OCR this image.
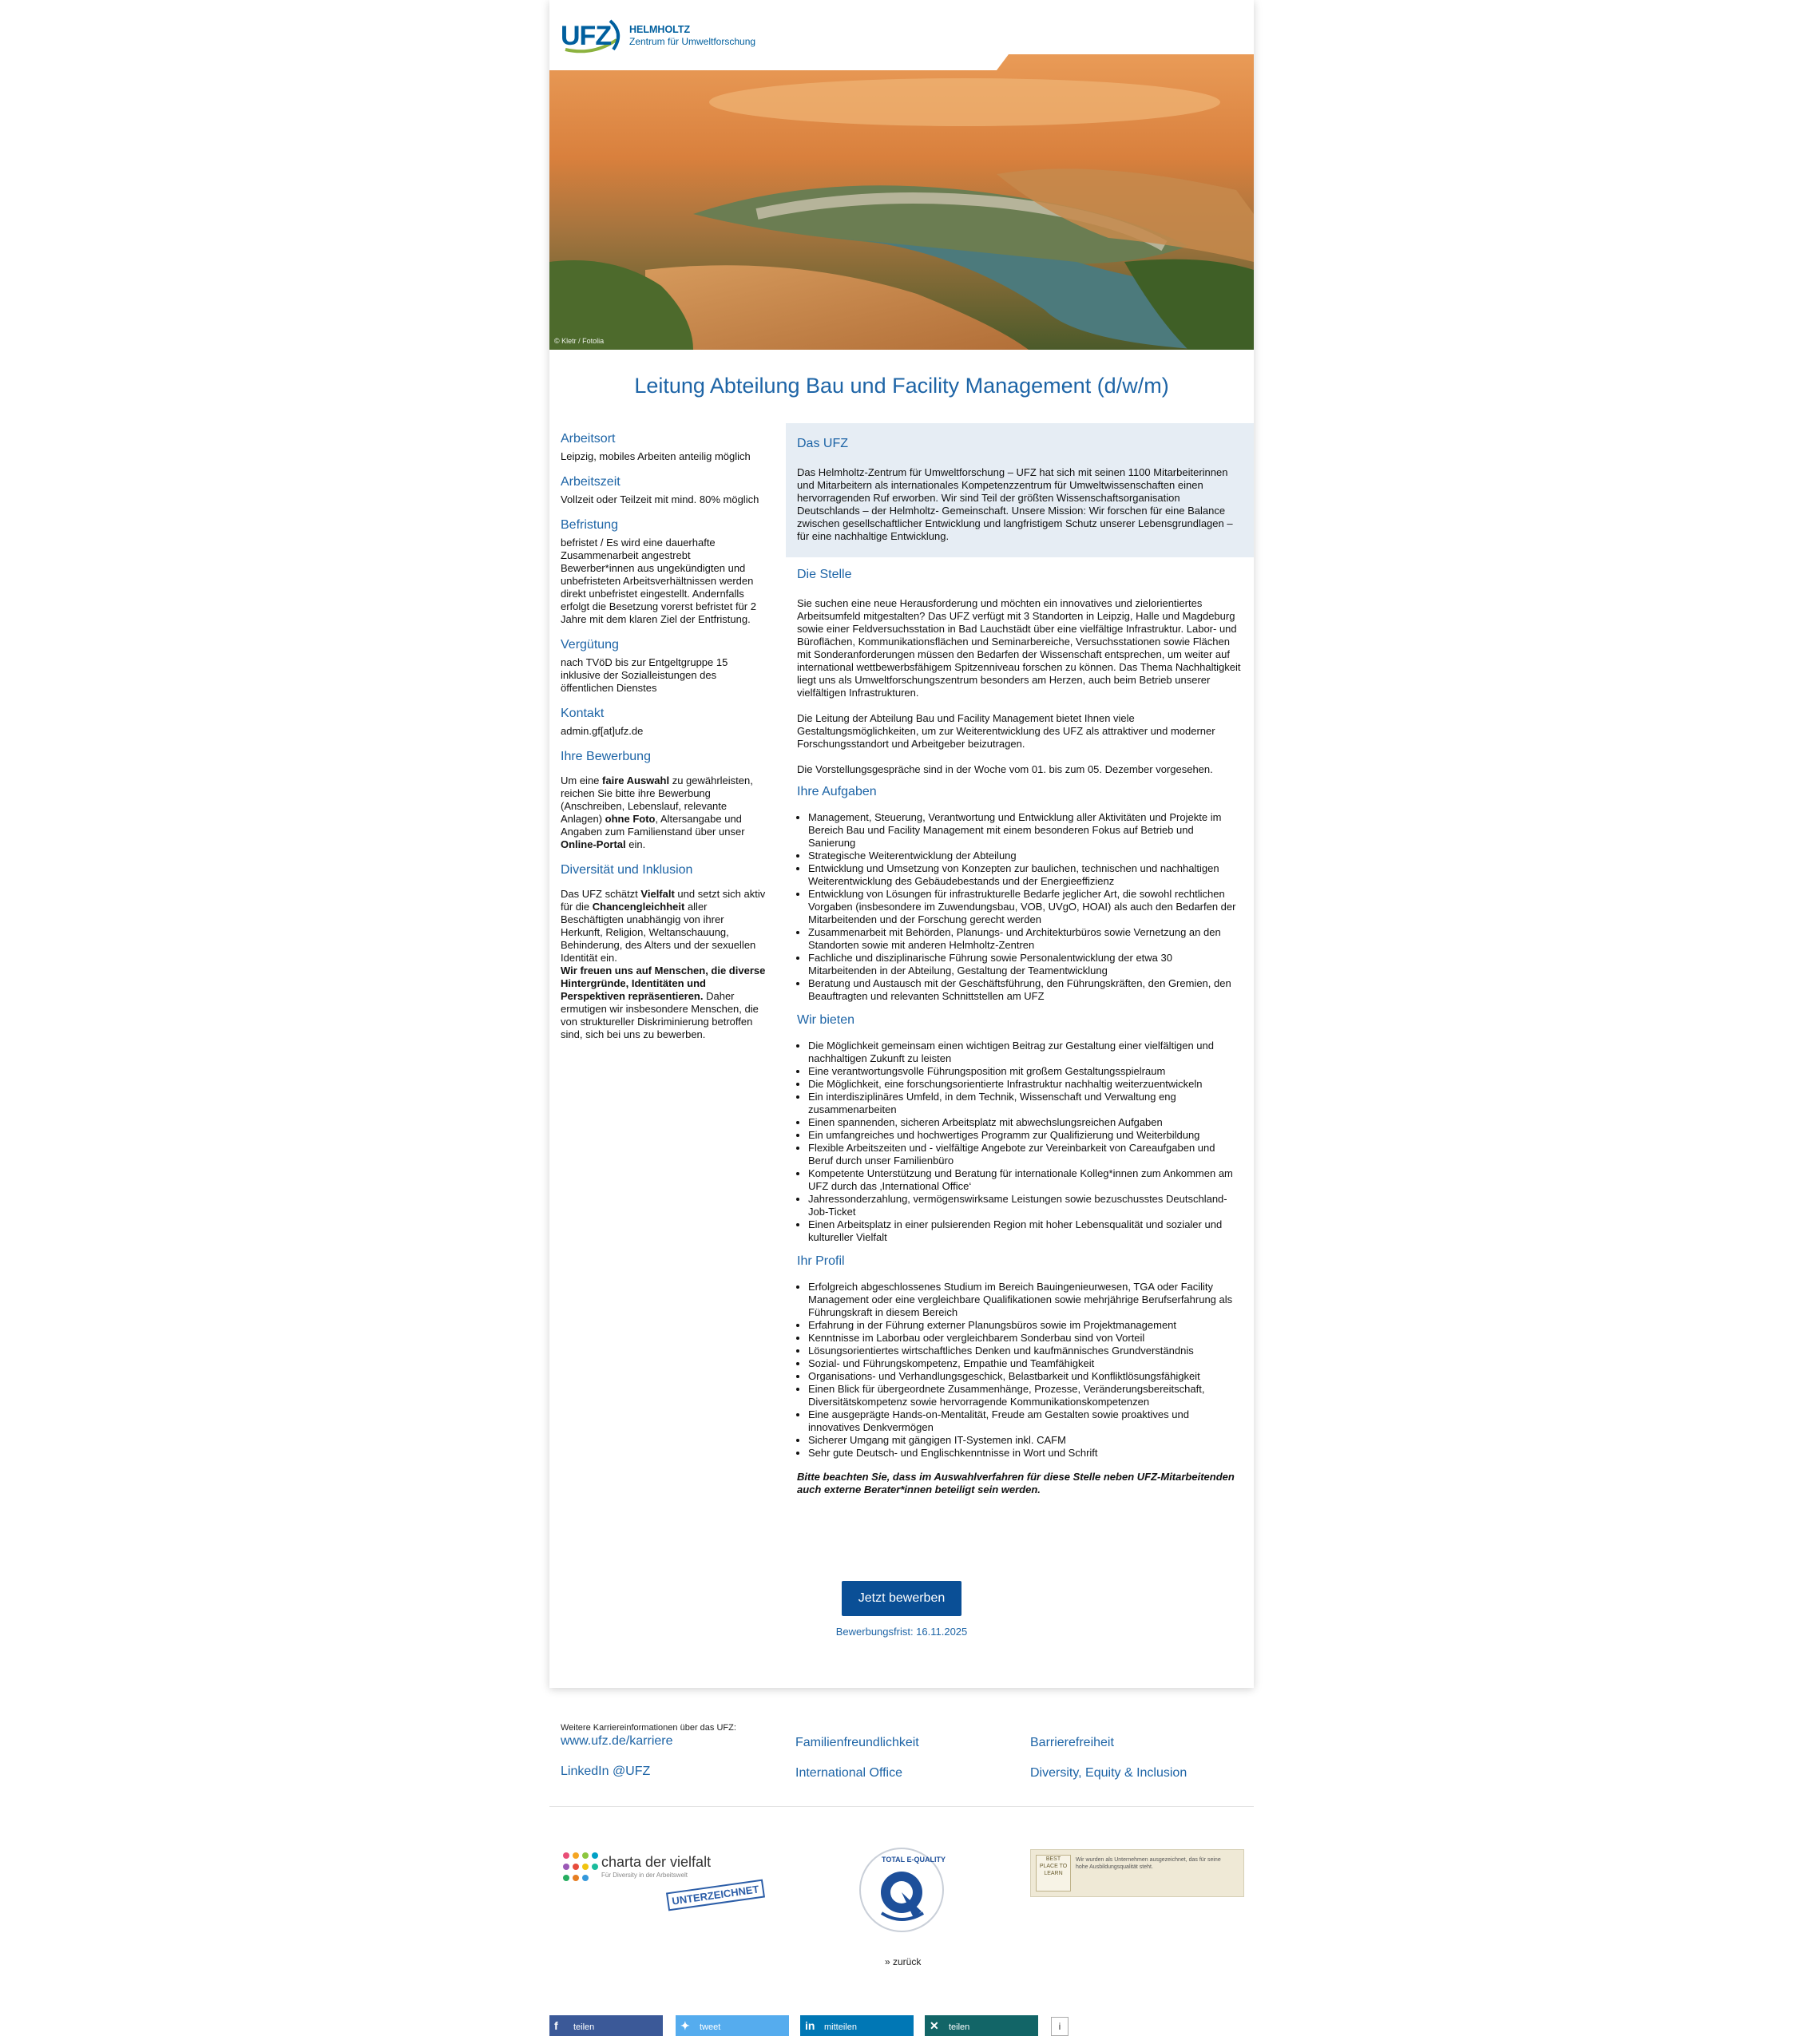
UFZ HELMHOLTZ
Zentrum für Umweltforschung
© Kletr / Fotolia
Leitung Abteilung Bau und Facility Management (d/w/m)
Arbeitsort

Leipzig, mobiles Arbeiten anteilig möglich

Arbeitszeit

Vollzeit oder Teilzeit mit mind. 80% möglich

Befristung

befristet / Es wird eine dauerhafte Zusammenarbeit angestrebt Bewerber*innen aus ungekündigten und unbefristeten Arbeitsverhältnissen werden direkt unbefristet eingestellt. Andernfalls erfolgt die Besetzung vorerst befristet für 2 Jahre mit dem klaren Ziel der Entfristung.

Vergütung

nach TVöD bis zur Entgeltgruppe 15 inklusive der Sozialleistungen des öffentlichen Dienstes

Kontakt

admin.gf[at]ufz.de

Ihre Bewerbung

Um eine faire Auswahl zu gewährleisten, reichen Sie bitte ihre Bewerbung (Anschreiben, Lebenslauf, relevante Anlagen) ohne Foto, Altersangabe und Angaben zum Familienstand über unser Online-Portal ein.

Diversität und Inklusion

Das UFZ schätzt Vielfalt und setzt sich aktiv für die Chancengleichheit aller Beschäftigten unabhängig von ihrer Herkunft, Religion, Weltanschauung, Behinderung, des Alters und der sexuellen Identität ein.
Wir freuen uns auf Menschen, die diverse Hintergründe, Identitäten und Perspektiven repräsentieren. Daher ermutigen wir insbesondere Menschen, die von struktureller Diskriminierung betroffen sind, sich bei uns zu bewerben.

Das UFZ

Das Helmholtz-Zentrum für Umweltforschung – UFZ hat sich mit seinen 1100 Mitarbeiterinnen und Mitarbeitern als internationales Kompetenzzentrum für Umweltwissenschaften einen hervorragenden Ruf erworben. Wir sind Teil der größten Wissenschaftsorganisation Deutschlands – der Helmholtz- Gemeinschaft. Unsere Mission: Wir forschen für eine Balance zwischen gesellschaftlicher Entwicklung und langfristigem Schutz unserer Lebensgrundlagen – für eine nachhaltige Entwicklung.

Die Stelle

Sie suchen eine neue Herausforderung und möchten ein innovatives und zielorientiertes Arbeitsumfeld mitgestalten? Das UFZ verfügt mit 3 Standorten in Leipzig, Halle und Magdeburg sowie einer Feldversuchsstation in Bad Lauchstädt über eine vielfältige Infrastruktur. Labor- und Büroflächen, Kommunikationsflächen und Seminarbereiche, Versuchsstationen sowie Flächen mit Sonderanforderungen müssen den Bedarfen der Wissenschaft entsprechen, um weiter auf international wettbewerbsfähigem Spitzenniveau forschen zu können. Das Thema Nachhaltigkeit liegt uns als Umweltforschungszentrum besonders am Herzen, auch beim Betrieb unserer vielfältigen Infrastrukturen.

Die Leitung der Abteilung Bau und Facility Management bietet Ihnen viele Gestaltungsmöglichkeiten, um zur Weiterentwicklung des UFZ als attraktiver und moderner Forschungsstandort und Arbeitgeber beizutragen.

Die Vorstellungsgespräche sind in der Woche vom 01. bis zum 05. Dezember vorgesehen.

Ihre Aufgaben
• Management, Steuerung, Verantwortung und Entwicklung aller Aktivitäten und Projekte im Bereich Bau und Facility Management mit einem besonderen Fokus auf Betrieb und Sanierung
• Strategische Weiterentwicklung der Abteilung
• Entwicklung und Umsetzung von Konzepten zur baulichen, technischen und nachhaltigen Weiterentwicklung des Gebäudebestands und der Energieeffizienz
• Entwicklung von Lösungen für infrastrukturelle Bedarfe jeglicher Art, die sowohl rechtlichen Vorgaben (insbesondere im Zuwendungsbau, VOB, UVgO, HOAI) als auch den Bedarfen der Mitarbeitenden und der Forschung gerecht werden
• Zusammenarbeit mit Behörden, Planungs- und Architekturbüros sowie Vernetzung an den Standorten sowie mit anderen Helmholtz-Zentren
• Fachliche und disziplinarische Führung sowie Personalentwicklung der etwa 30 Mitarbeitenden in der Abteilung, Gestaltung der Teamentwicklung
• Beratung und Austausch mit der Geschäftsführung, den Führungskräften, den Gremien, den Beauftragten und relevanten Schnittstellen am UFZ
Wir bieten
• Die Möglichkeit gemeinsam einen wichtigen Beitrag zur Gestaltung einer vielfältigen und nachhaltigen Zukunft zu leisten
• Eine verantwortungsvolle Führungsposition mit großem Gestaltungsspielraum
• Die Möglichkeit, eine forschungsorientierte Infrastruktur nachhaltig weiterzuentwickeln
• Ein interdisziplinäres Umfeld, in dem Technik, Wissenschaft und Verwaltung eng zusammenarbeiten
• Einen spannenden, sicheren Arbeitsplatz mit abwechslungsreichen Aufgaben
• Ein umfangreiches und hochwertiges Programm zur Qualifizierung und Weiterbildung
• Flexible Arbeitszeiten und - vielfältige Angebote zur Vereinbarkeit von Careaufgaben und Beruf durch unser Familienbüro
• Kompetente Unterstützung und Beratung für internationale Kolleg*innen zum Ankommen am UFZ durch das ‚International Office‘
• Jahressonderzahlung, vermögenswirksame Leistungen sowie bezuschusstes Deutschland-Job-Ticket
• Einen Arbeitsplatz in einer pulsierenden Region mit hoher Lebensqualität und sozialer und kultureller Vielfalt
Ihr Profil
• Erfolgreich abgeschlossenes Studium im Bereich Bauingenieurwesen, TGA oder Facility Management oder eine vergleichbare Qualifikationen sowie mehrjährige Berufserfahrung als Führungskraft in diesem Bereich
• Erfahrung in der Führung externer Planungsbüros sowie im Projektmanagement
• Kenntnisse im Laborbau oder vergleichbarem Sonderbau sind von Vorteil
• Lösungsorientiertes wirtschaftliches Denken und kaufmännisches Grundverständnis
• Sozial- und Führungskompetenz, Empathie und Teamfähigkeit
• Organisations- und Verhandlungsgeschick, Belastbarkeit und Konfliktlösungsfähigkeit
• Einen Blick für übergeordnete Zusammenhänge, Prozesse, Veränderungsbereitschaft, Diversitätskompetenz sowie hervorragende Kommunikationskompetenzen
• Eine ausgeprägte Hands-on-Mentalität, Freude am Gestalten sowie proaktives und innovatives Denkvermögen
• Sicherer Umgang mit gängigen IT-Systemen inkl. CAFM
• Sehr gute Deutsch- und Englischkenntnisse in Wort und Schrift

Bitte beachten Sie, dass im Auswahlverfahren für diese Stelle neben UFZ-Mitarbeitenden auch externe Berater*innen beteiligt sein werden.

Jetzt bewerben
Bewerbungsfrist: 16.11.2025
Weitere Karriereinformationen über das UFZ:
www.ufz.de/karriere
LinkedIn @UFZ
Familienfreundlichkeit
International Office
Barrierefreiheit
Diversity, Equity & Inclusion
charta der vielfalt
Für Diversity in der Arbeitswelt
UNTERZEICHNET
TOTAL E-QUALITY	BEST PLACE TO LEARN
Wir wurden als Unternehmen ausgezeichnet, das für seine hohe Ausbildungsqualität steht.
» zurück
f teilen	✦ tweet	in mitteilen	✕ teilen	i
